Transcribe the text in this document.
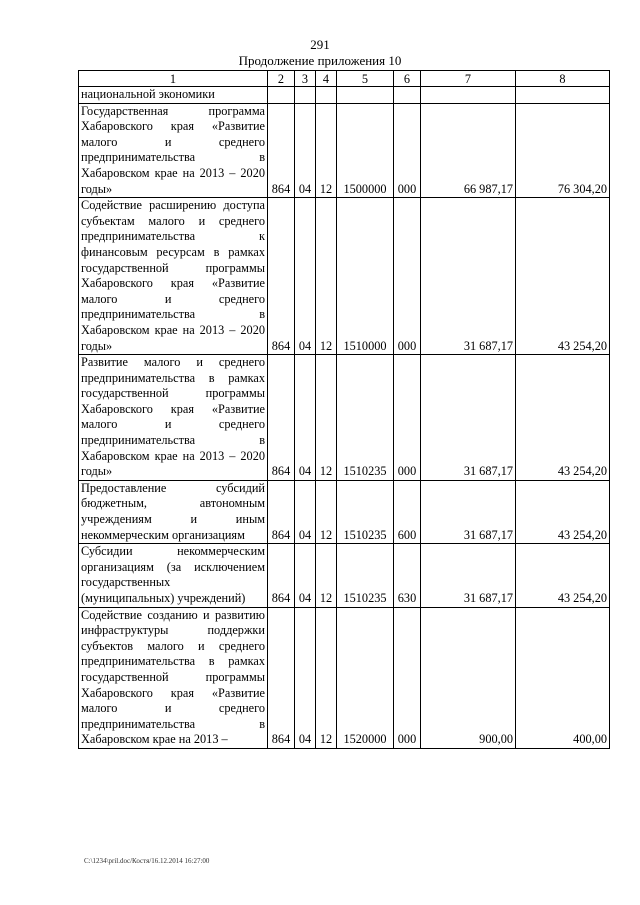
291
Продолжение приложения 10
1	2	3	4	5	6	7	8
национальной экономики							
Государственная программа Хабаровского края «Развитие малого и среднего предпринимательства в Хабаровском крае на 2013 – 2020 годы»	864	04	12	1500000	000	66 987,17	76 304,20
Содействие расширению доступа субъектам малого и среднего предпринимательства к финансовым ресурсам в рамках государственной программы Хабаровского края «Развитие малого и среднего предпринимательства в Хабаровском крае на 2013 – 2020 годы»	864	04	12	1510000	000	31 687,17	43 254,20
Развитие малого и среднего предпринимательства в рамках государственной программы Хабаровского края «Развитие малого и среднего предпринимательства в Хабаровском крае на 2013 – 2020 годы»	864	04	12	1510235	000	31 687,17	43 254,20
Предоставление субсидий бюджетным, автономным учреждениям и иным некоммерческим организациям	864	04	12	1510235	600	31 687,17	43 254,20
Субсидии некоммерческим организациям (за исключением государственных (муниципальных) учреждений)	864	04	12	1510235	630	31 687,17	43 254,20
Содействие созданию и развитию инфраструктуры поддержки субъектов малого и среднего предпринимательства в рамках государственной программы Хабаровского края «Развитие малого и среднего предпринимательства в Хабаровском крае на 2013 –	864	04	12	1520000	000	900,00	400,00
C:\1234\pril.doc/Костя/16.12.2014 16:27:00
